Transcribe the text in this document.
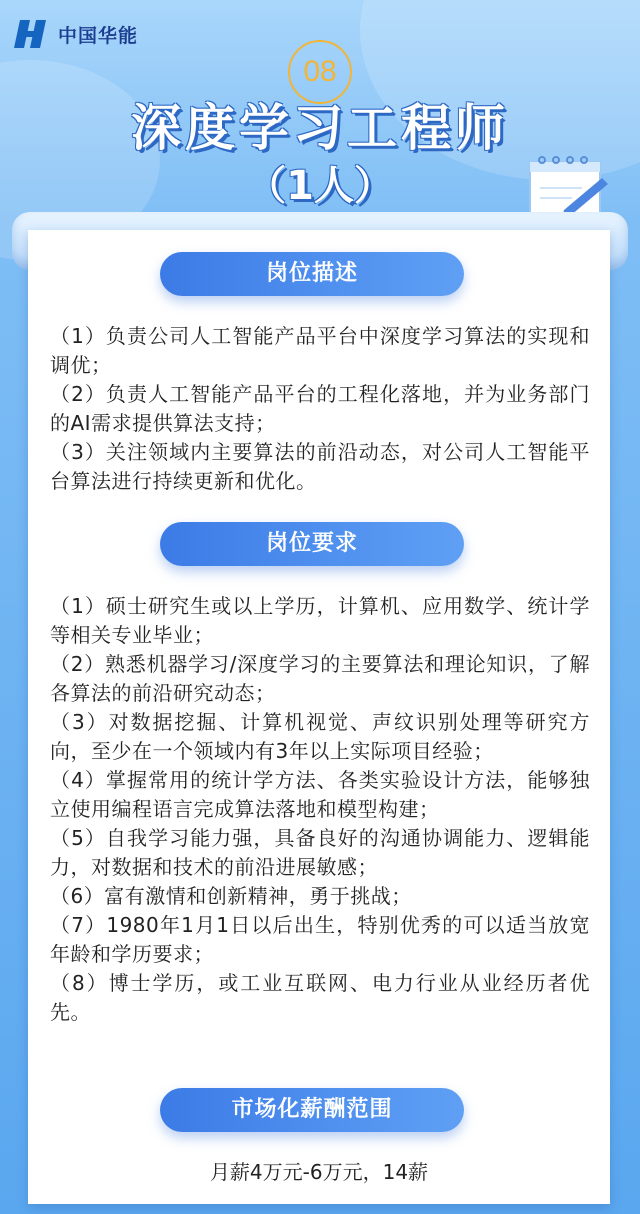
中国华能
08
深度学习工程师
（1人）
岗位描述
（1）负责公司人工智能产品平台中深度学习算法的实现和调优；
（2）负责人工智能产品平台的工程化落地，并为业务部门的AI需求提供算法支持；
（3）关注领域内主要算法的前沿动态，对公司人工智能平台算法进行持续更新和优化。
岗位要求
（1）硕士研究生或以上学历，计算机、应用数学、统计学等相关专业毕业；
（2）熟悉机器学习/深度学习的主要算法和理论知识，了解各算法的前沿研究动态；
（3）对数据挖掘、计算机视觉、声纹识别处理等研究方向，至少在一个领域内有3年以上实际项目经验；
（4）掌握常用的统计学方法、各类实验设计方法，能够独立使用编程语言完成算法落地和模型构建；
（5）自我学习能力强，具备良好的沟通协调能力、逻辑能力，对数据和技术的前沿进展敏感；
（6）富有激情和创新精神，勇于挑战；
（7）1980年1月1日以后出生，特别优秀的可以适当放宽年龄和学历要求；
（8）博士学历，或工业互联网、电力行业从业经历者优先。
市场化薪酬范围
月薪4万元-6万元，14薪
